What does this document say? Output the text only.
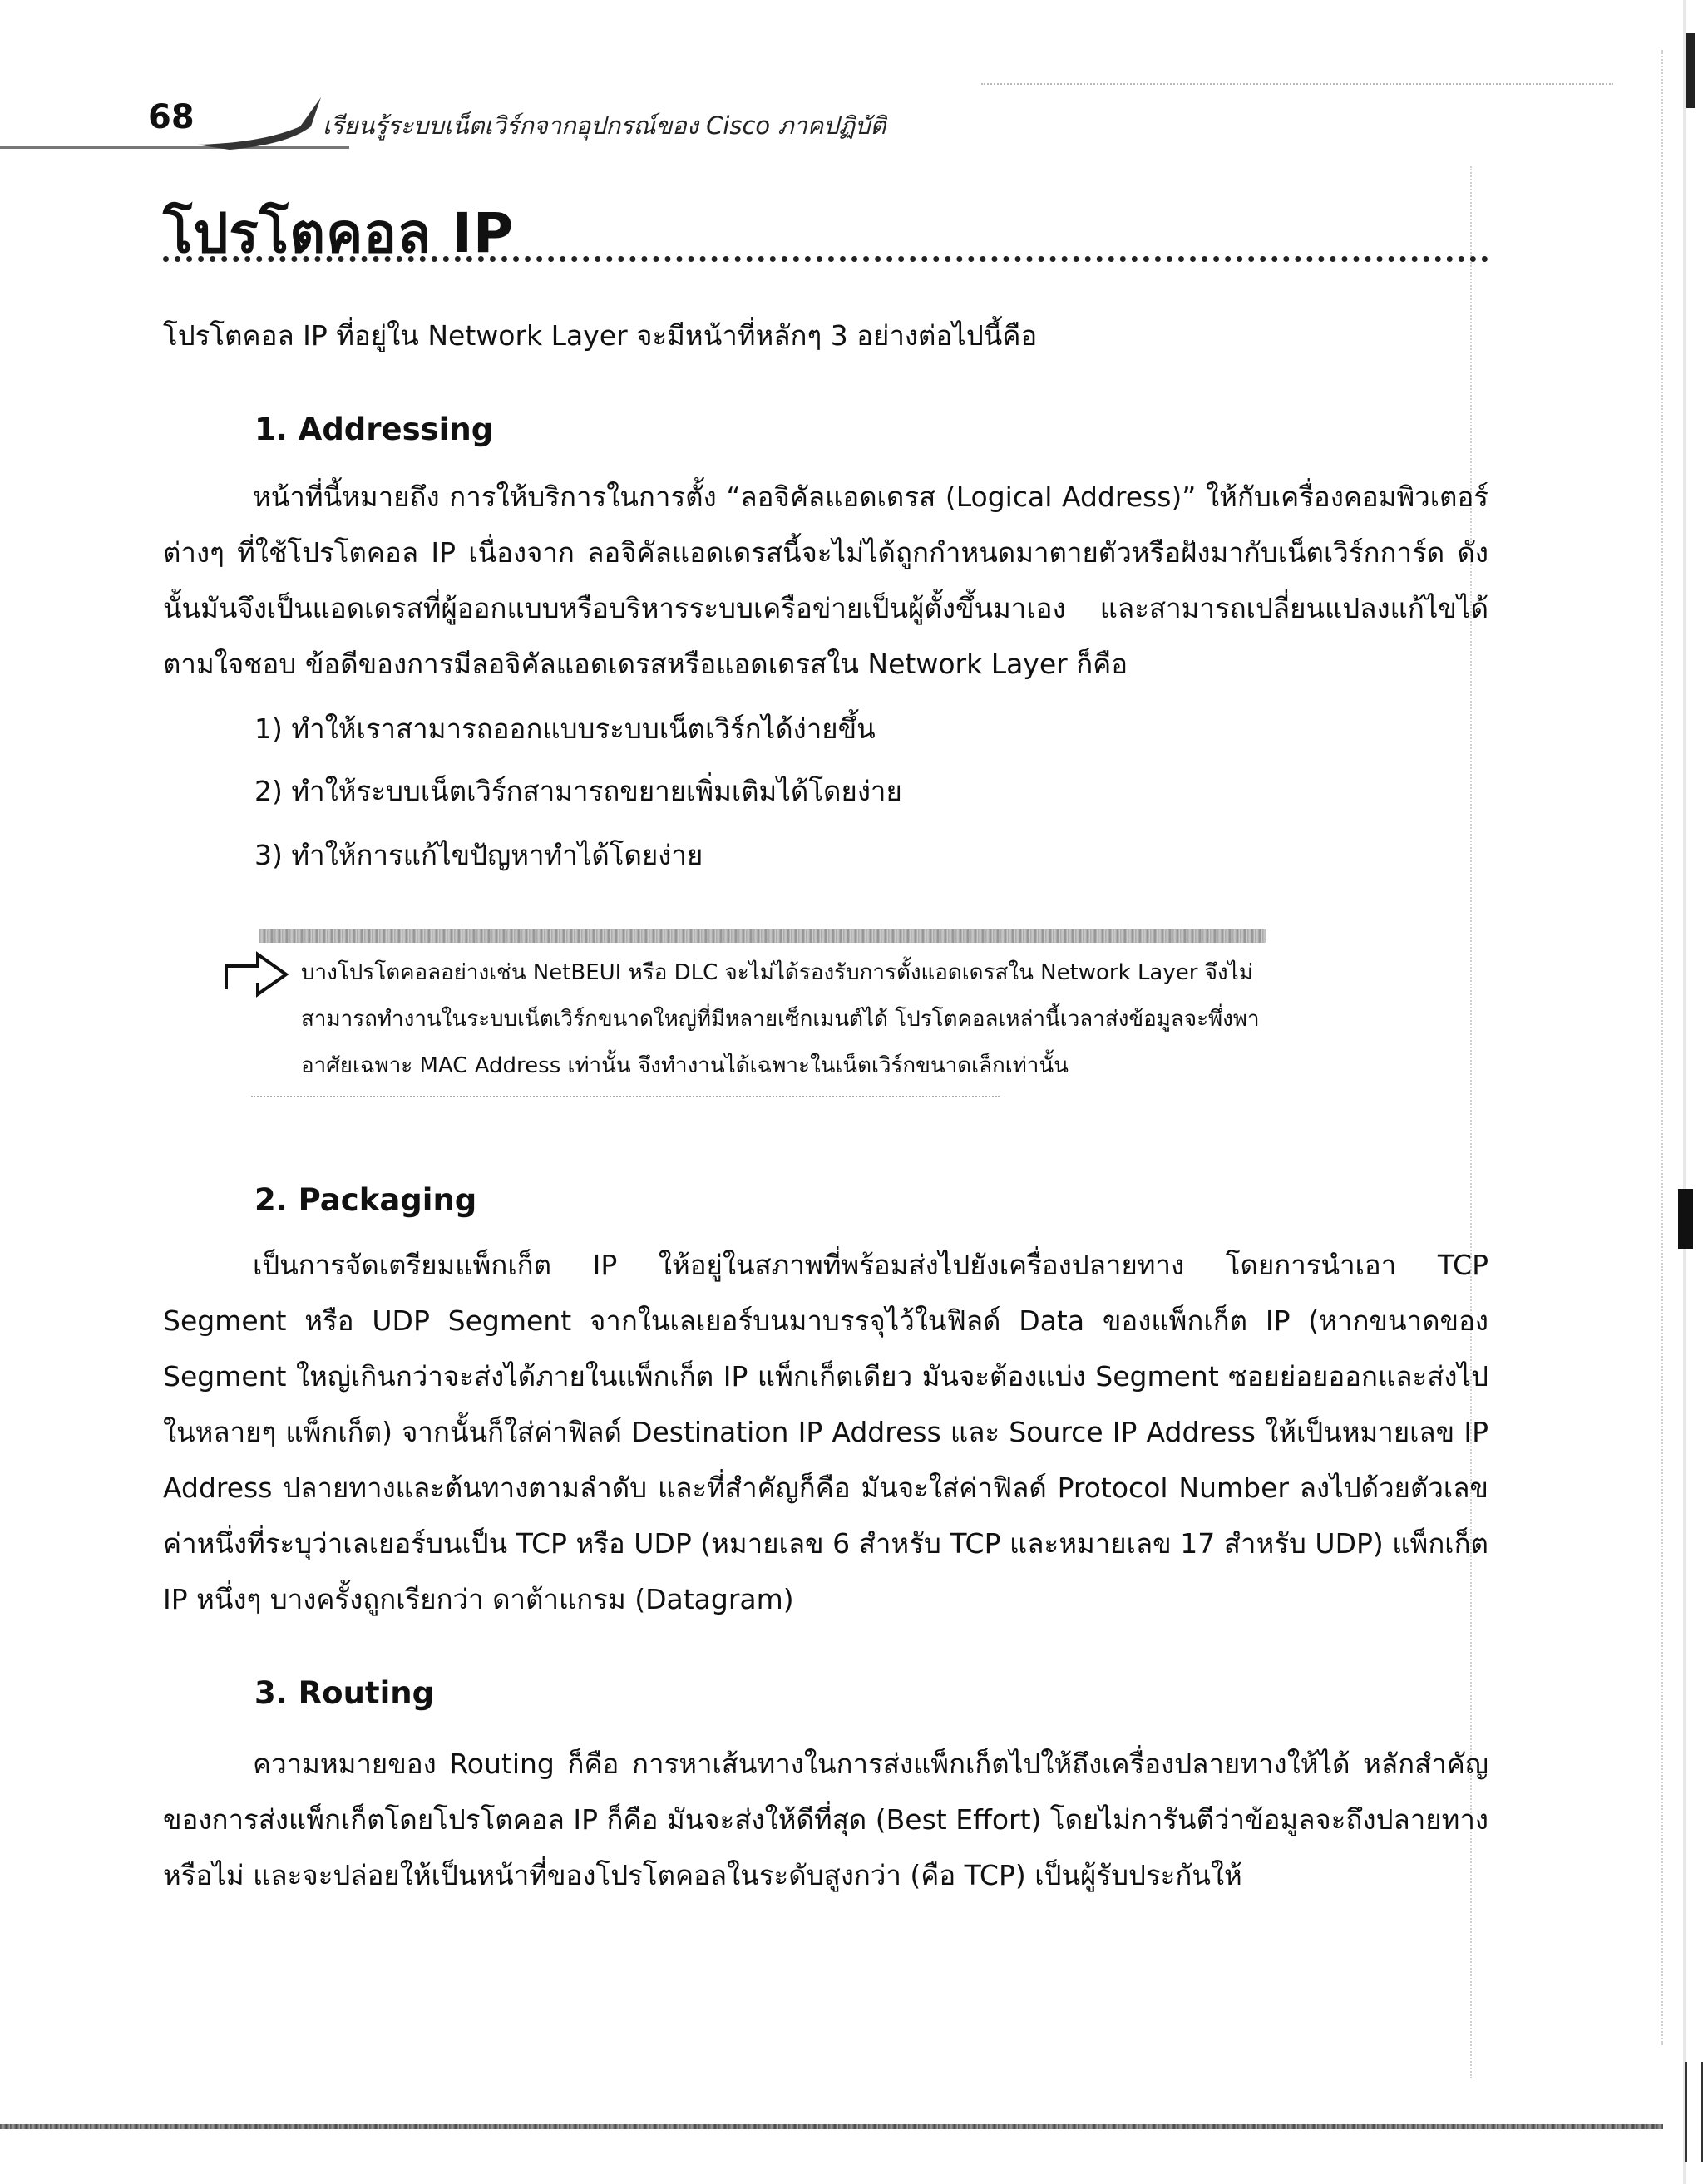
68	เรียนรู้ระบบเน็ตเวิร์กจากอุปกรณ์ของ Cisco ภาคปฏิบัติ
โปรโตคอล IP
โปรโตคอล IP ที่อยู่ใน Network Layer จะมีหน้าที่หลักๆ 3 อย่างต่อไปนี้คือ
1. Addressing
หน้าที่นี้หมายถึง การให้บริการในการตั้ง “ลอจิคัลแอดเดรส (Logical Address)” ให้กับเครื่องคอมพิวเตอร์ต่างๆ ที่ใช้โปรโตคอล IP เนื่องจาก ลอจิคัลแอดเดรสนี้จะไม่ได้ถูกกำหนดมาตายตัวหรือฝังมากับเน็ตเวิร์กการ์ด ดังนั้นมันจึงเป็นแอดเดรสที่ผู้ออกแบบหรือบริหารระบบเครือข่ายเป็นผู้ตั้งขึ้นมาเอง และสามารถเปลี่ยนแปลงแก้ไขได้ตามใจชอบ ข้อดีของการมีลอจิคัลแอดเดรสหรือแอดเดรสใน Network Layer ก็คือ
1) ทำให้เราสามารถออกแบบระบบเน็ตเวิร์กได้ง่ายขึ้น
2) ทำให้ระบบเน็ตเวิร์กสามารถขยายเพิ่มเติมได้โดยง่าย
3) ทำให้การแก้ไขปัญหาทำได้โดยง่าย
บางโปรโตคอลอย่างเช่น NetBEUI หรือ DLC จะไม่ได้รองรับการตั้งแอดเดรสใน Network Layer จึงไม่สามารถทำงานในระบบเน็ตเวิร์กขนาดใหญ่ที่มีหลายเซ็กเมนต์ได้ โปรโตคอลเหล่านี้เวลาส่งข้อมูลจะพึ่งพาอาศัยเฉพาะ MAC Address เท่านั้น จึงทำงานได้เฉพาะในเน็ตเวิร์กขนาดเล็กเท่านั้น
2. Packaging
เป็นการจัดเตรียมแพ็กเก็ต IP ให้อยู่ในสภาพที่พร้อมส่งไปยังเครื่องปลายทาง โดยการนำเอา TCP Segment หรือ UDP Segment จากในเลเยอร์บนมาบรรจุไว้ในฟิลด์ Data ของแพ็กเก็ต IP (หากขนาดของ Segment ใหญ่เกินกว่าจะส่งได้ภายในแพ็กเก็ต IP แพ็กเก็ตเดียว มันจะต้องแบ่ง Segment ซอยย่อยออกและส่งไปในหลายๆ แพ็กเก็ต) จากนั้นก็ใส่ค่าฟิลด์ Destination IP Address และ Source IP Address ให้เป็นหมายเลข IP Address ปลายทางและต้นทางตามลำดับ และที่สำคัญก็คือ มันจะใส่ค่าฟิลด์ Protocol Number ลงไปด้วยตัวเลขค่าหนึ่งที่ระบุว่าเลเยอร์บนเป็น TCP หรือ UDP (หมายเลข 6 สำหรับ TCP และหมายเลข 17 สำหรับ UDP) แพ็กเก็ต IP หนึ่งๆ บางครั้งถูกเรียกว่า ดาต้าแกรม (Datagram)
3. Routing
ความหมายของ Routing ก็คือ การหาเส้นทางในการส่งแพ็กเก็ตไปให้ถึงเครื่องปลายทางให้ได้ หลักสำคัญของการส่งแพ็กเก็ตโดยโปรโตคอล IP ก็คือ มันจะส่งให้ดีที่สุด (Best Effort) โดยไม่การันตีว่าข้อมูลจะถึงปลายทางหรือไม่ และจะปล่อยให้เป็นหน้าที่ของโปรโตคอลในระดับสูงกว่า (คือ TCP) เป็นผู้รับประกันให้
